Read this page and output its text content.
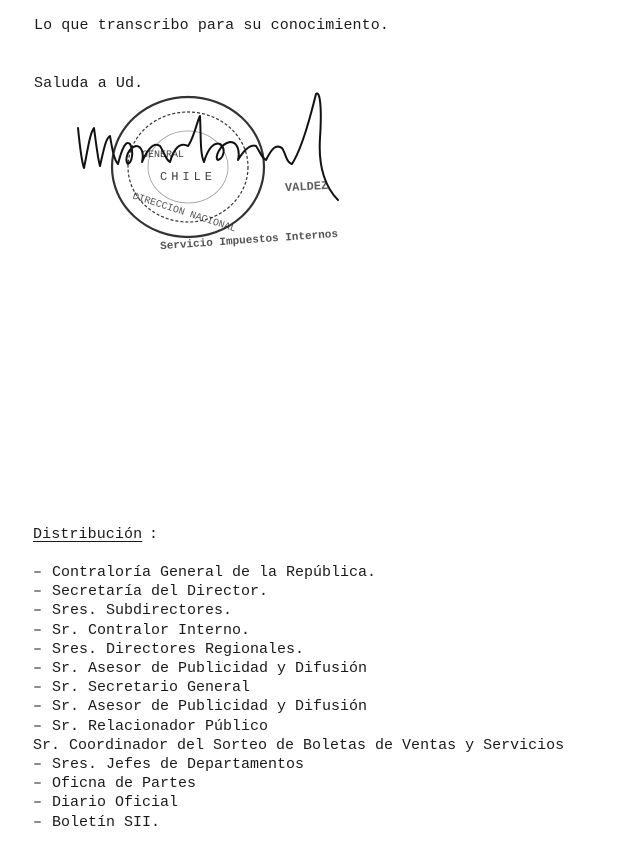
Lo que transcribo para su conocimiento.
Saluda a Ud.
GENERAL
CHILE
DIRECCION NACIONAL
VALDEZ
Servicio Impuestos Internos
Distribución :
– Contraloría General de la República.
– Secretaría del Director.
– Sres. Subdirectores.
– Sr. Contralor Interno.
– Sres. Directores Regionales.
– Sr. Asesor de Publicidad y Difusión
– Sr. Secretario General
– Sr. Asesor de Publicidad y Difusión
– Sr. Relacionador Público
Sr. Coordinador del Sorteo de Boletas de Ventas y Servicios
– Sres. Jefes de Departamentos
– Oficna de Partes
– Diario Oficial
– Boletín SII.
